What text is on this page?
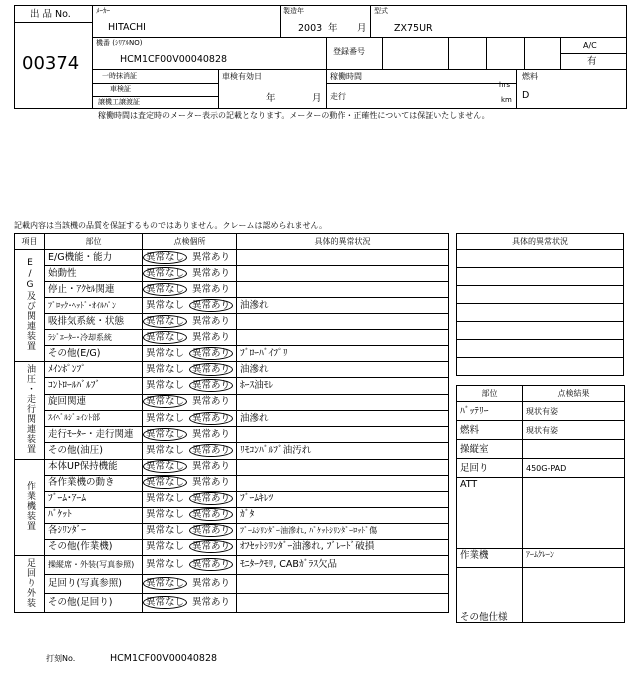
出 品 No.
00374
ﾒｰｶｰ
HITACHI
製造年
2003 年 月
型式
ZX75UR
機番 (ｼﾘｱﾙNO)
HCM1CF00V00040828
登録番号
A/C
有
一時抹消証
車検証
譲機工譲渡証
車検有効日
年	月
稼働時間
走行
hrs
km
燃料
D
稼働時間は査定時のメーター表示の記載となります。メーターの動作・正確性については保証いたしません。
記載内容は当該機の品質を保証するものではありません。クレームは認められません。
項目	部位	点検個所	具体的異常状況
E/G及び関連装置	E/G機能・能力	異常なし 異常あり	
	始動性	異常なし 異常あり	
	停止・ｱｸｾﾙ関連	異常なし 異常あり	
	ﾌﾞﾛｯｸ･ﾍｯﾄﾞ･ｵｲﾙﾊﾟﾝ	異常なし 異常あり	油滲れ
	吸排気系統・状態	異常なし 異常あり	
	ﾗｼﾞｴｰﾀｰ･冷却系統	異常なし 異常あり	
	その他(E/G)	異常なし 異常あり	ﾌﾞﾛｰﾊﾞｲﾌﾟﾘ
油圧・走行関連装置	ﾒｲﾝﾎﾟﾝﾌﾟ	異常なし 異常あり	油滲れ
	ｺﾝﾄﾛｰﾙﾊﾞﾙﾌﾞ	異常なし 異常あり	ﾎｰｽ油ﾓﾚ
	旋回関連	異常なし 異常あり	
	ｽｲﾍﾞﾙｼﾞｮｲﾝﾄ部	異常なし 異常あり	油滲れ
	走行ﾓｰﾀｰ・走行関連	異常なし 異常あり	
	その他(油圧)	異常なし 異常あり	ﾘﾓｺﾝﾊﾞﾙﾌﾞ油汚れ
作業機装置	本体UP保持機能	異常なし 異常あり	
	各作業機の動き	異常なし 異常あり	
	ﾌﾞｰﾑ･ｱｰﾑ	異常なし 異常あり	ﾌﾞｰﾑｷﾚﾂ
	ﾊﾞｹｯﾄ	異常なし 異常あり	ｶﾞﾀ
	各ｼﾘﾝﾀﾞｰ	異常なし 異常あり	ﾌﾞｰﾑｼﾘﾝﾀﾞｰ油滲れ, ﾊﾞｹｯﾄｼﾘﾝﾀﾞｰﾛｯﾄﾞ傷
	その他(作業機)	異常なし 異常あり	ｵﾌｾｯﾄｼﾘﾝﾀﾞｰ油滲れ, ﾌﾞﾚｰﾄﾞ破損
足回り外装	操縦席・外装(写真参照)	異常なし 異常あり	ﾓﾆﾀｰｸﾓﾘ, CABｶﾞﾗｽ欠品
	足回り(写真参照)	異常なし 異常あり	
	その他(足回り)	異常なし 異常あり	
具体的異常状況

部位	点検結果
ﾊﾞｯﾃﾘｰ	現状有姿
燃料	現状有姿
操縦室	
足回り	450G-PAD
ATT	
作業機	ｱｰﾑｸﾚｰﾝ
その他仕様	
打刻No.	HCM1CF00V00040828
